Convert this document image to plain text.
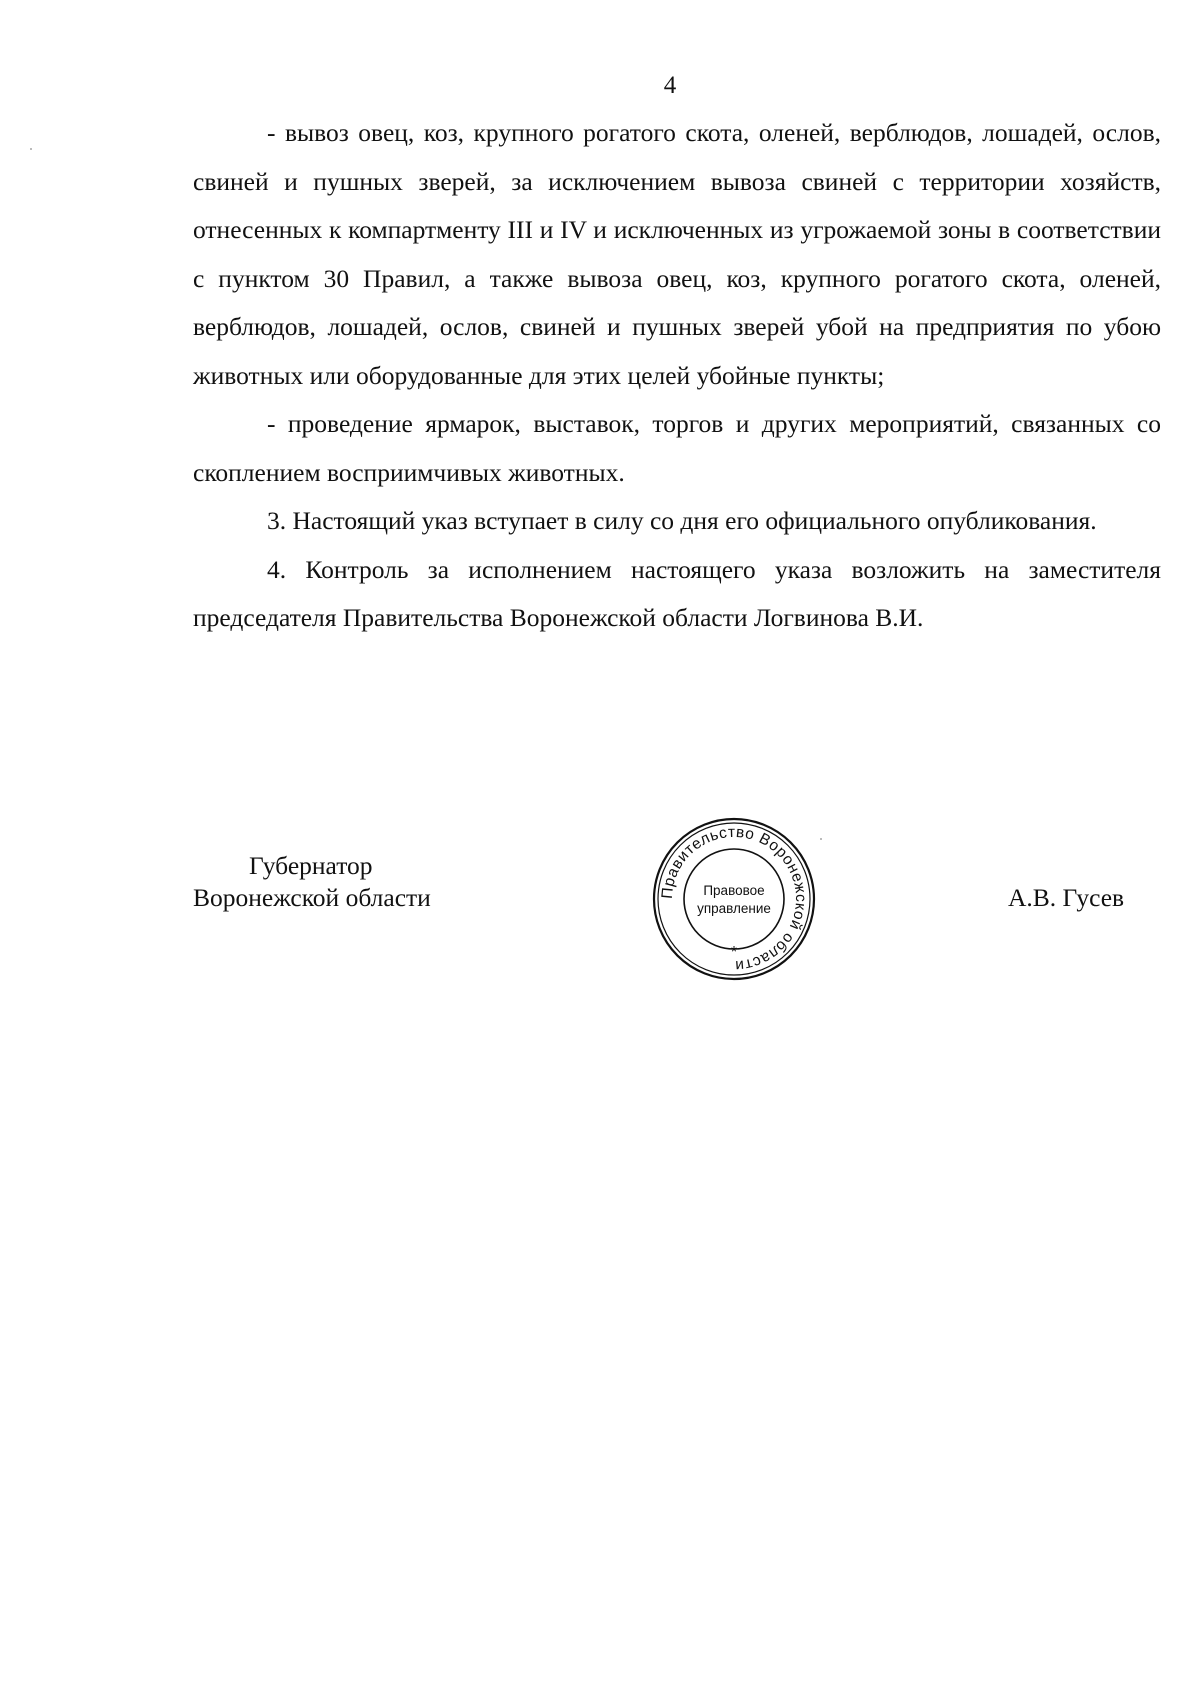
4

- вывоз овец, коз, крупного рогатого скота, оленей, верблюдов, лошадей, ослов, свиней и пушных зверей, за исключением вывоза свиней с территории хозяйств, отнесенных к компартменту III и IV и исключенных из угрожаемой зоны в соответствии с пунктом 30 Правил, а также вывоза овец, коз, крупного рогатого скота, оленей, верблюдов, лошадей, ослов, свиней и пушных зверей убой на предприятия по убою животных или оборудованные для этих целей убойные пункты;

- проведение ярмарок, выставок, торгов и других мероприятий, связанных со скоплением восприимчивых животных.

3. Настоящий указ вступает в силу со дня его официального опубликования.

4. Контроль за исполнением настоящего указа возложить на заместителя председателя Правительства Воронежской области Логвинова В.И.

Губернатор
Воронежской области	Правительство Воронежской области
Правовое
управление
*
А.В. Гусев
